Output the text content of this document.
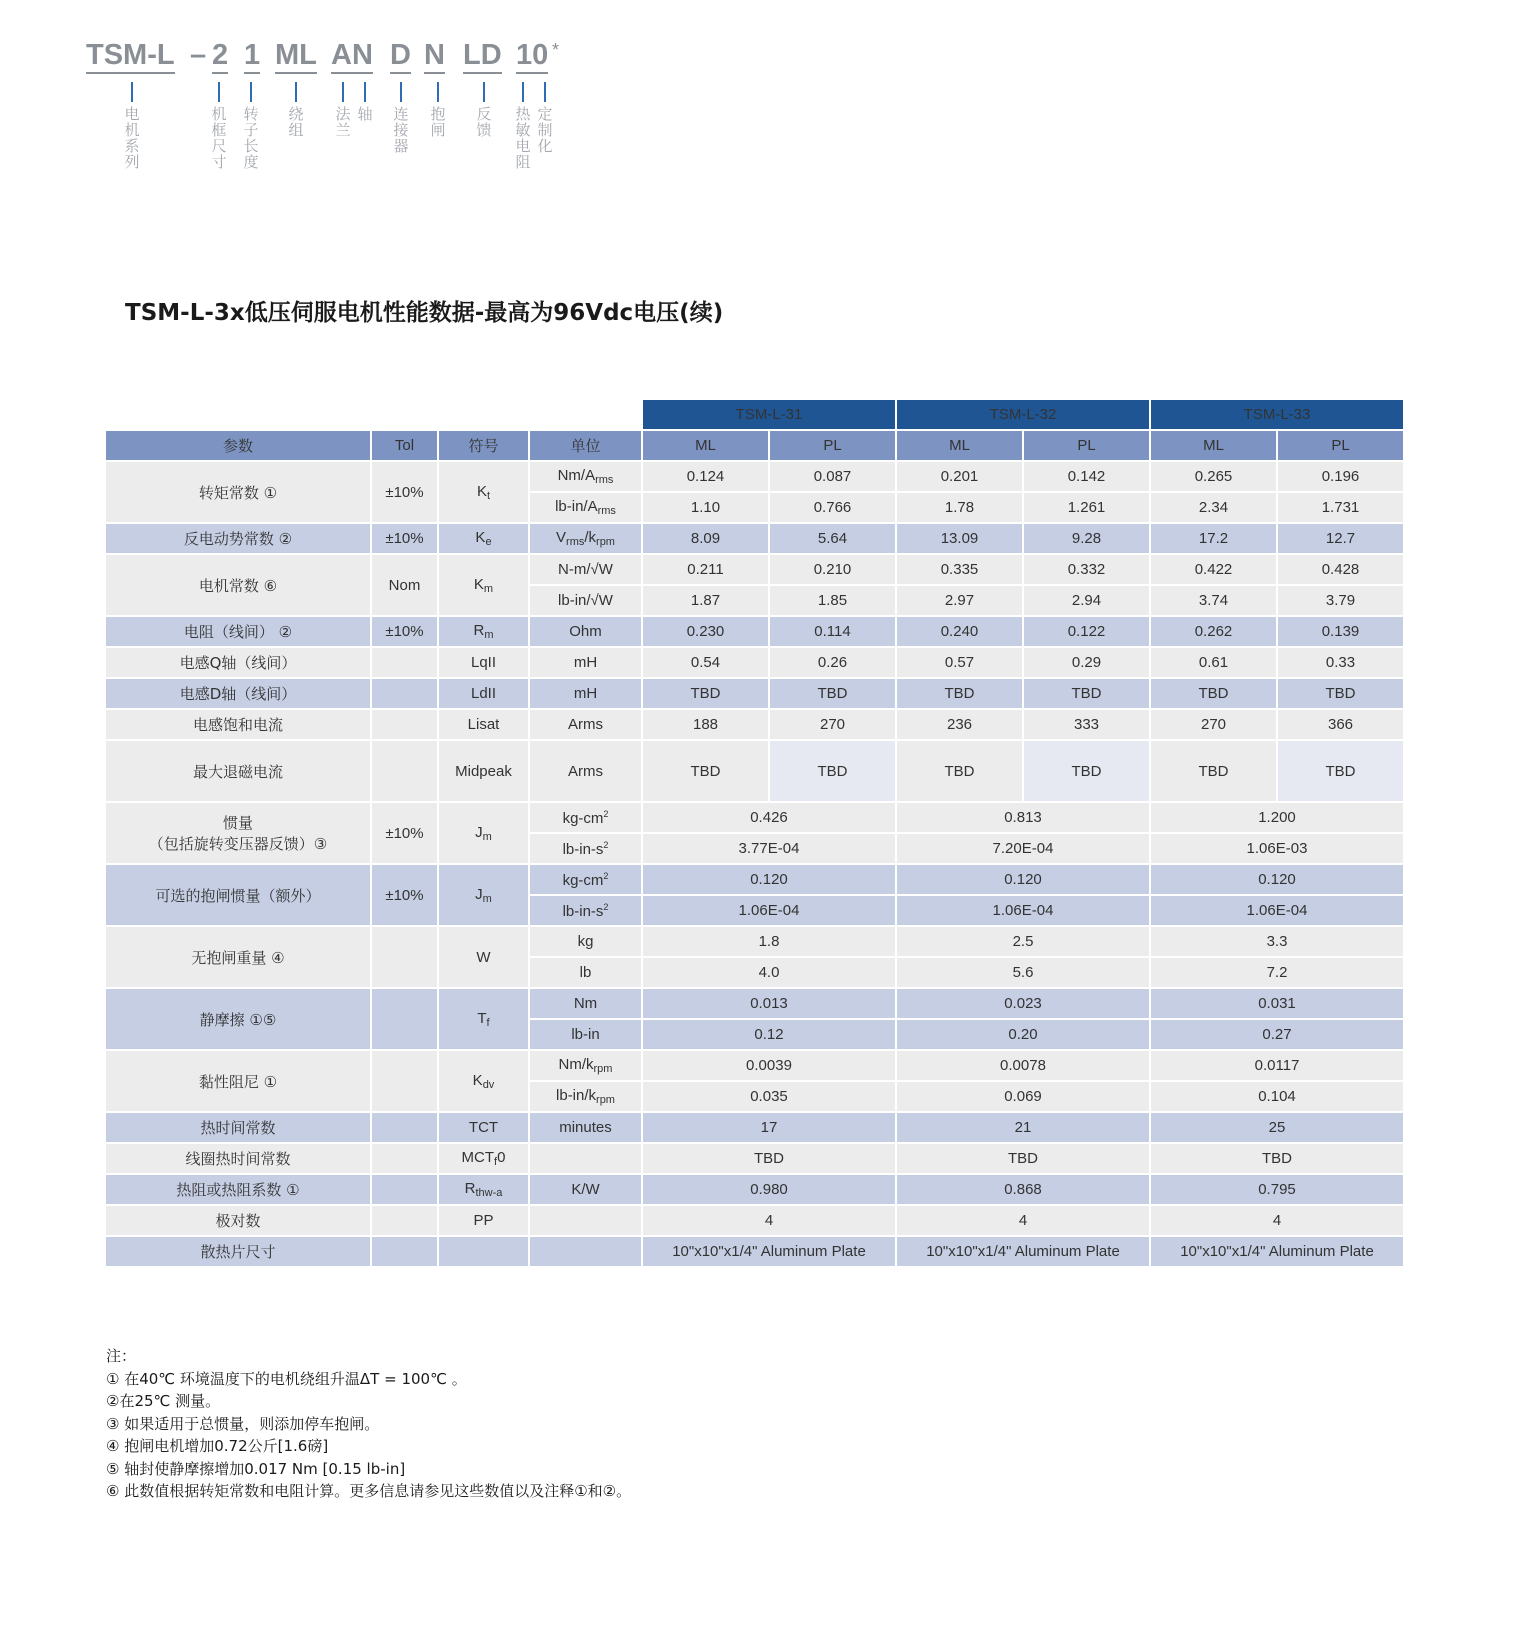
TSM-L – 2 1 ML AN D N LD 10 *
电机系列	机框尺寸 转子长度 绕组 法兰 轴 连接器 抱闸 反馈 热敏电阻 定制化
TSM-L-3x低压伺服电机性能数据-最高为96Vdc电压(续)
				TSM-L-31		TSM-L-32		TSM-L-33	
参数	Tol	符号	单位	ML	PL	ML	PL	ML	PL
转矩常数 ①	±10%	$K_t$	$Nm/A_{rms}$	0.124	0.087	0.201	0.142	0.265	0.196
			$lb-in/A_{rms}$	1.10	0.766	1.78	1.261	2.34	1.731
反电动势常数 ②	±10%	$K_e$	$V_{rms}/k_{rpm}$	8.09	5.64	13.09	9.28	17.2	12.7
电机常数 ⑥	Nom	$K_m$	N-m/√W	0.211	0.210	0.335	0.332	0.422	0.428
			lb-in/√W	1.87	1.85	2.97	2.94	3.74	3.79
电阻（线间） ②	±10%	$R_m$	Ohm	0.230	0.114	0.240	0.122	0.262	0.139
电感Q轴（线间）		LqII	mH	0.54	0.26	0.57	0.29	0.61	0.33
电感D轴（线间）		LdII	mH	TBD	TBD	TBD	TBD	TBD	TBD
电感饱和电流		Lisat	Arms	188	270	236	333	270	366
最大退磁电流		Midpeak	Arms	TBD	TBD	TBD	TBD	TBD	TBD
惯量
（包括旋转变压器反馈）③	±10%	$J_m$	$kg-cm^2$	0.426		0.813		1.200	
			$lb-in-s^2$	3.77E-04		7.20E-04		1.06E-03	
可选的抱闸惯量（额外）	±10%	$J_m$	$kg-cm^2$	0.120		0.120		0.120	
			$lb-in-s^2$	1.06E-04		1.06E-04		1.06E-04	
无抱闸重量 ④		W	kg	1.8		2.5		3.3	
			lb	4.0		5.6		7.2	
静摩擦 ①⑤		$T_f$	Nm	0.013		0.023		0.031	
			lb-in	0.12		0.20		0.27	
黏性阻尼 ①		$K_{dv}$	$Nm/k_{rpm}$	0.0039		0.0078		0.0117	
			$lb-in/k_{rpm}$	0.035		0.069		0.104	
热时间常数		TCT	minutes	17		21		25	
线圈热时间常数		$MCT_f0$		TBD		TBD		TBD	
热阻或热阻系数 ①		$R_{thw-a}$	K/W	0.980		0.868		0.795	
极对数		PP		4		4		4	
散热片尺寸				10"x10"x1/4" Aluminum Plate		10"x10"x1/4" Aluminum Plate		10"x10"x1/4" Aluminum Plate	
注：
① 在40℃ 环境温度下的电机绕组升温ΔT = 100℃ 。
②在25℃ 测量。
③ 如果适用于总惯量，则添加停车抱闸。
④ 抱闸电机增加0.72公斤[1.6磅]
⑤ 轴封使静摩擦增加0.017 Nm [0.15 lb-in]
⑥ 此数值根据转矩常数和电阻计算。更多信息请参见这些数值以及注释①和②。
